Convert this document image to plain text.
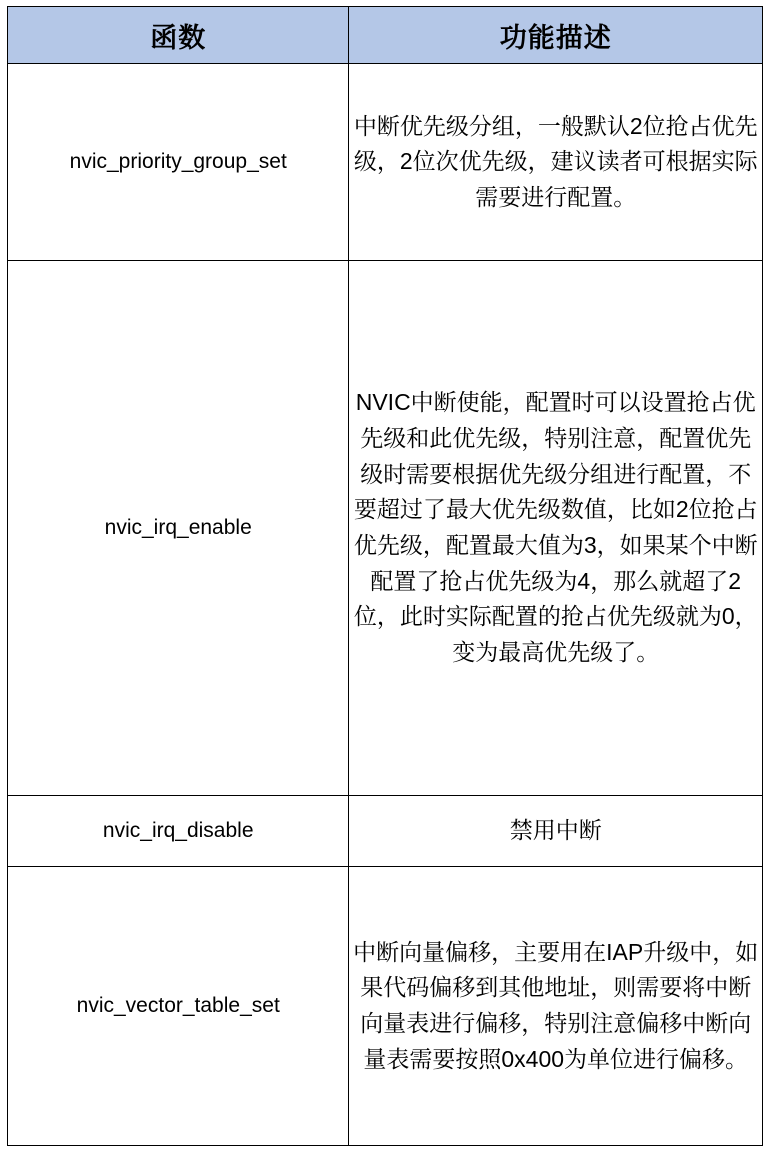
函数	功能描述
nvic_priority_group_set	中断优先级分组，一般默认2位抢占优先级，2位次优先级，建议读者可根据实际需要进行配置。
nvic_irq_enable	NVIC中断使能，配置时可以设置抢占优先级和此优先级，特别注意，配置优先级时需要根据优先级分组进行配置，不要超过了最大优先级数值，比如2位抢占优先级，配置最大值为3，如果某个中断配置了抢占优先级为4，那么就超了2位，此时实际配置的抢占优先级就为0，变为最高优先级了。
nvic_irq_disable	禁用中断
nvic_vector_table_set	中断向量偏移，主要用在IAP升级中，如果代码偏移到其他地址，则需要将中断向量表进行偏移，特别注意偏移中断向量表需要按照0x400为单位进行偏移。
